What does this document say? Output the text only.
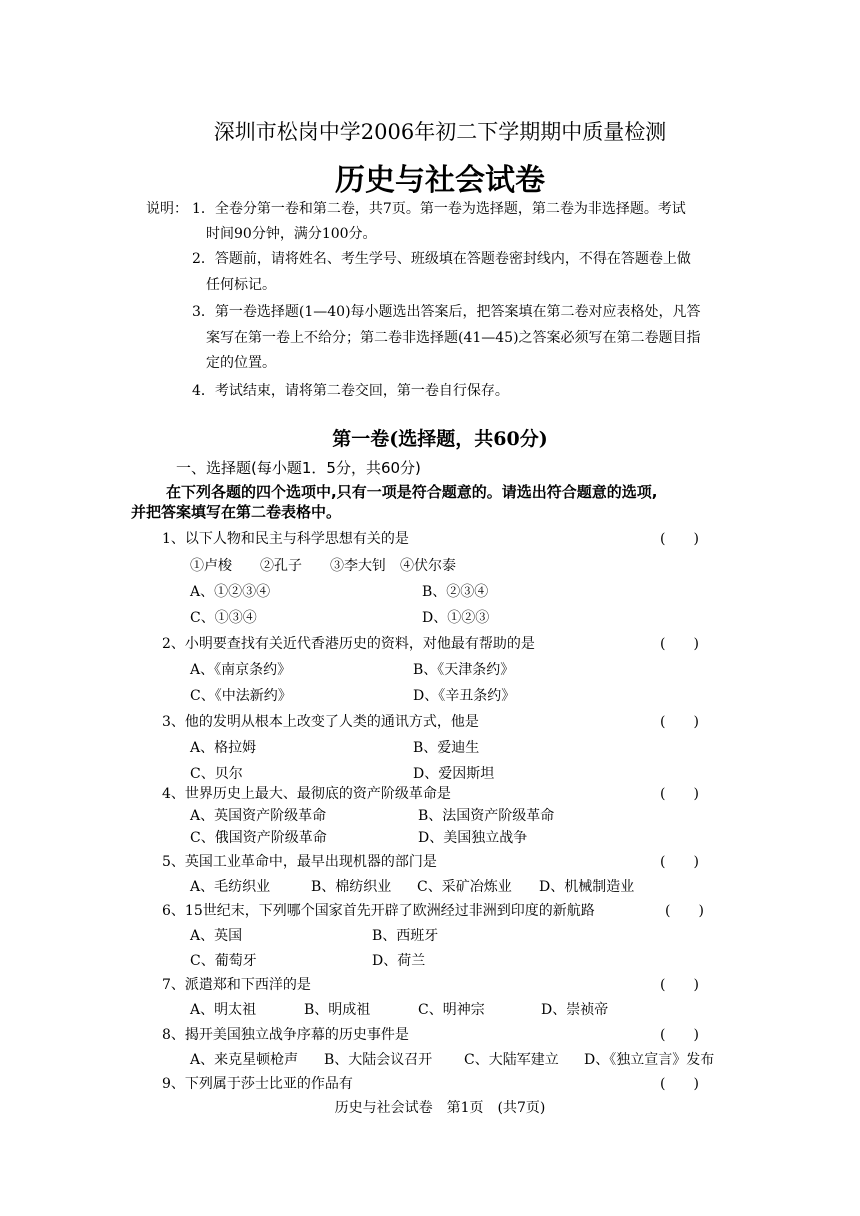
深圳市松岗中学2006年初二下学期期中质量检测
历史与社会试卷
说明： 1．全卷分第一卷和第二卷，共7页。第一卷为选择题，第二卷为非选择题。考试
时间90分钟，满分100分。
2．答题前，请将姓名、考生学号、班级填在答题卷密封线内，不得在答题卷上做
任何标记。
3．第一卷选择题(1—40)每小题选出答案后，把答案填在第二卷对应表格处，凡答
案写在第一卷上不给分；第二卷非选择题(41—45)之答案必须写在第二卷题目指
定的位置。
4．考试结束，请将第二卷交回，第一卷自行保存。
第一卷(选择题，共60分)
一、选择题(每小题1．5分，共60分)
在下列各题的四个选项中,只有一项是符合题意的。请选出符合题意的选项,
并把答案填写在第二卷表格中。
1、以下人物和民主与科学思想有关的是	(　　)
①卢梭　　②孔子　　③李大钊　④伏尔泰
A、①②③④	B、②③④
C、①③④	D、①②③
2、小明要查找有关近代香港历史的资料，对他最有帮助的是	(　　)
A、《南京条约》	B、《天津条约》
C、《中法新约》	D、《辛丑条约》
3、他的发明从根本上改变了人类的通讯方式，他是	(　　)
A、格拉姆	B、爱迪生
C、贝尔	D、爱因斯坦
4、世界历史上最大、最彻底的资产阶级革命是	(　　)
A、英国资产阶级革命	B、法国资产阶级革命
C、俄国资产阶级革命	D、美国独立战争
5、英国工业革命中，最早出现机器的部门是	(　　)
A、毛纺织业	B、棉纺织业 C、采矿冶炼业 D、机械制造业
6、15世纪末，下列哪个国家首先开辟了欧洲经过非洲到印度的新航路	(　　)
A、英国	B、西班牙
C、葡萄牙	D、荷兰
7、派遣郑和下西洋的是	(　　)
A、明太祖	B、明成祖	C、明神宗	D、崇祯帝
8、揭开美国独立战争序幕的历史事件是	(　　)
A、来克星顿枪声 B、大陆会议召开 C、大陆军建立 D、《独立宣言》发布
9、下列属于莎士比亚的作品有	(　　)
历史与社会试卷　第1页　(共7页)
